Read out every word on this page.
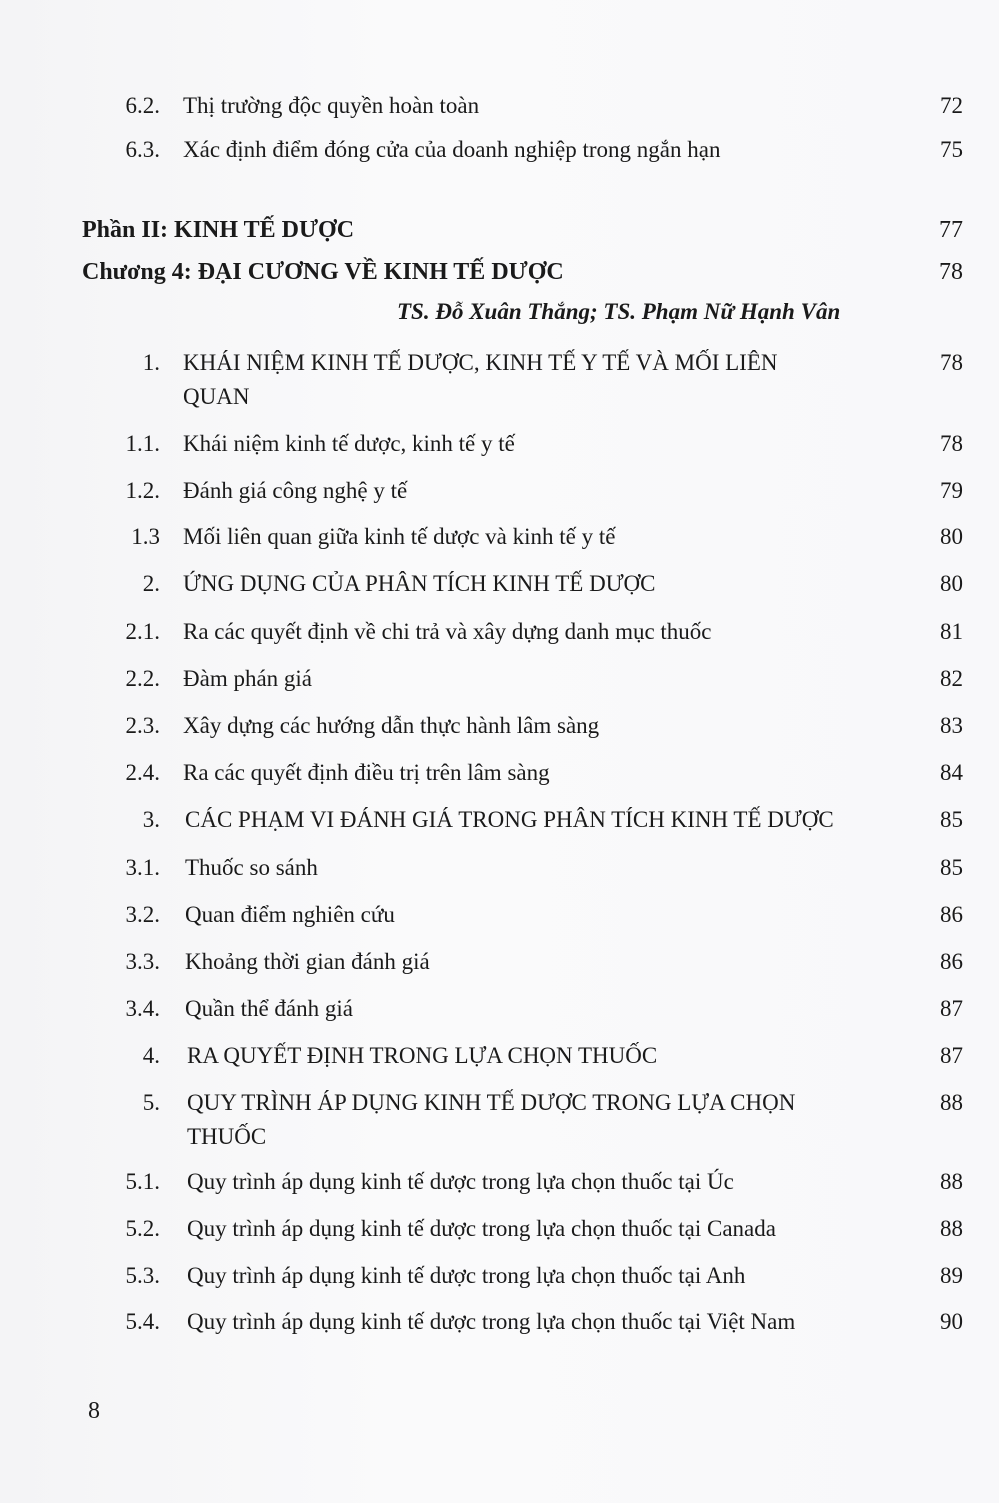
6.2. Thị trường độc quyền hoàn toàn	72
6.3. Xác định điểm đóng cửa của doanh nghiệp trong ngắn hạn	75
Phần II: KINH TẾ DƯỢC	77
Chương 4: ĐẠI CƯƠNG VỀ KINH TẾ DƯỢC	78
TS. Đỗ Xuân Thắng; TS. Phạm Nữ Hạnh Vân
1. KHÁI NIỆM KINH TẾ DƯỢC, KINH TẾ Y TẾ VÀ MỐI LIÊN	78
QUAN
1.1. Khái niệm kinh tế dược, kinh tế y tế	78
1.2. Đánh giá công nghệ y tế	79
1.3 Mối liên quan giữa kinh tế dược và kinh tế y tế	80
2. ỨNG DỤNG CỦA PHÂN TÍCH KINH TẾ DƯỢC	80
2.1. Ra các quyết định về chi trả và xây dựng danh mục thuốc	81
2.2. Đàm phán giá	82
2.3. Xây dựng các hướng dẫn thực hành lâm sàng	83
2.4. Ra các quyết định điều trị trên lâm sàng	84
3. CÁC PHẠM VI ĐÁNH GIÁ TRONG PHÂN TÍCH KINH TẾ DƯỢC	85
3.1. Thuốc so sánh	85
3.2. Quan điểm nghiên cứu	86
3.3. Khoảng thời gian đánh giá	86
3.4. Quần thể đánh giá	87
4. RA QUYẾT ĐỊNH TRONG LỰA CHỌN THUỐC	87
5. QUY TRÌNH ÁP DỤNG KINH TẾ DƯỢC TRONG LỰA CHỌN	88
THUỐC
5.1. Quy trình áp dụng kinh tế dược trong lựa chọn thuốc tại Úc	88
5.2. Quy trình áp dụng kinh tế dược trong lựa chọn thuốc tại Canada	88
5.3. Quy trình áp dụng kinh tế dược trong lựa chọn thuốc tại Anh	89
5.4. Quy trình áp dụng kinh tế dược trong lựa chọn thuốc tại Việt Nam	90
8
